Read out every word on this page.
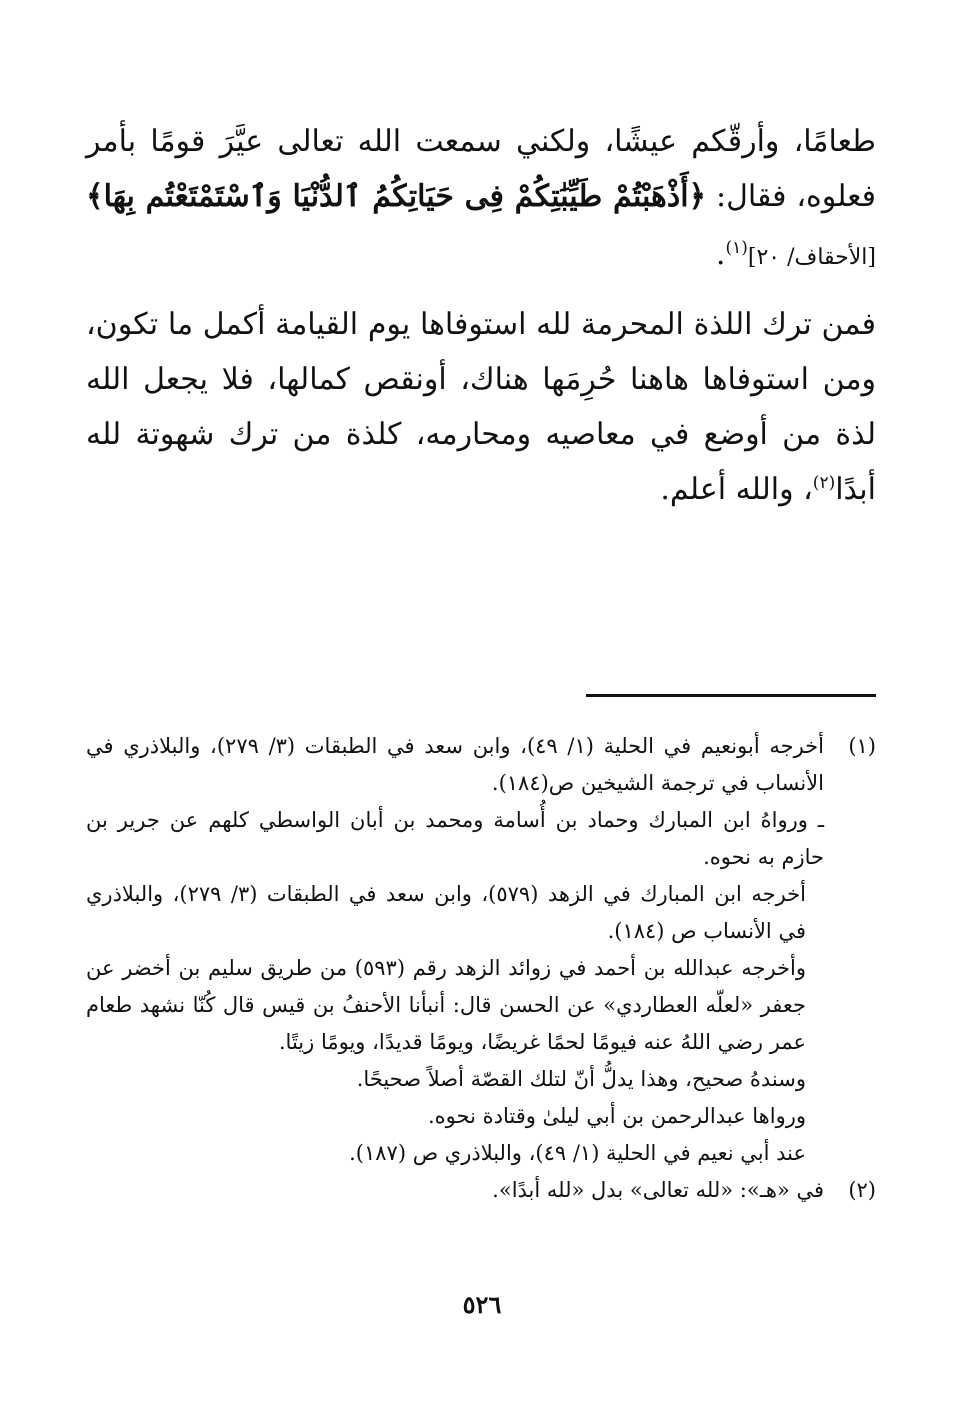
طعامًا، وأرقّكم عيشًا، ولكني سمعت الله تعالى عيَّرَ قومًا بأمر فعلوه، فقال: ﴿أَذْهَبْتُمْ طَيِّبَٰتِكُمْ فِى حَيَاتِكُمُ ٱلدُّنْيَا وَٱسْتَمْتَعْتُم بِهَا﴾ [الأحقاف/ ٢٠]$^{(١)}$.

فمن ترك اللذة المحرمة لله استوفاها يوم القيامة أكمل ما تكون، ومن استوفاها هاهنا حُرِمَها هناك، أونقص كمالها، فلا يجعل الله لذة من أوضع في معاصيه ومحارمه، كلذة من ترك شهوتة لله أبدًا$^{(٢)}$، والله أعلم.

(١)

أخرجه أبونعيم في الحلية (١/ ٤٩)، وابن سعد في الطبقات (٣/ ٢٧٩)، والبلاذري في الأنساب في ترجمة الشيخين ص(١٨٤).

ـ ورواهُ ابن المبارك وحماد بن أُسامة ومحمد بن أبان الواسطي كلهم عن جرير بن حازم به نحوه.

أخرجه ابن المبارك في الزهد (٥٧٩)، وابن سعد في الطبقات (٣/ ٢٧٩)، والبلاذري في الأنساب ص (١٨٤).

وأخرجه عبدالله بن أحمد في زوائد الزهد رقم (٥٩٣) من طريق سليم بن أخضر عن جعفر «لعلّه العطاردي» عن الحسن قال: أنبأنا الأحنفُ بن قيس قال كُنّا نشهد طعام عمر رضي اللهُ عنه فيومًا لحمًا غريضًا، ويومًا قديدًا، ويومًا زيتًا.

وسندهُ صحيح، وهذا يدلُّ أنّ لتلك القصّة أصلاً صحيحًا.

ورواها عبدالرحمن بن أبي ليلىٰ وقتادة نحوه.

عند أبي نعيم في الحلية (١/ ٤٩)، والبلاذري ص (١٨٧).

(٢)

في «هـ»: «لله تعالى» بدل «لله أبدًا».

٥٢٦
